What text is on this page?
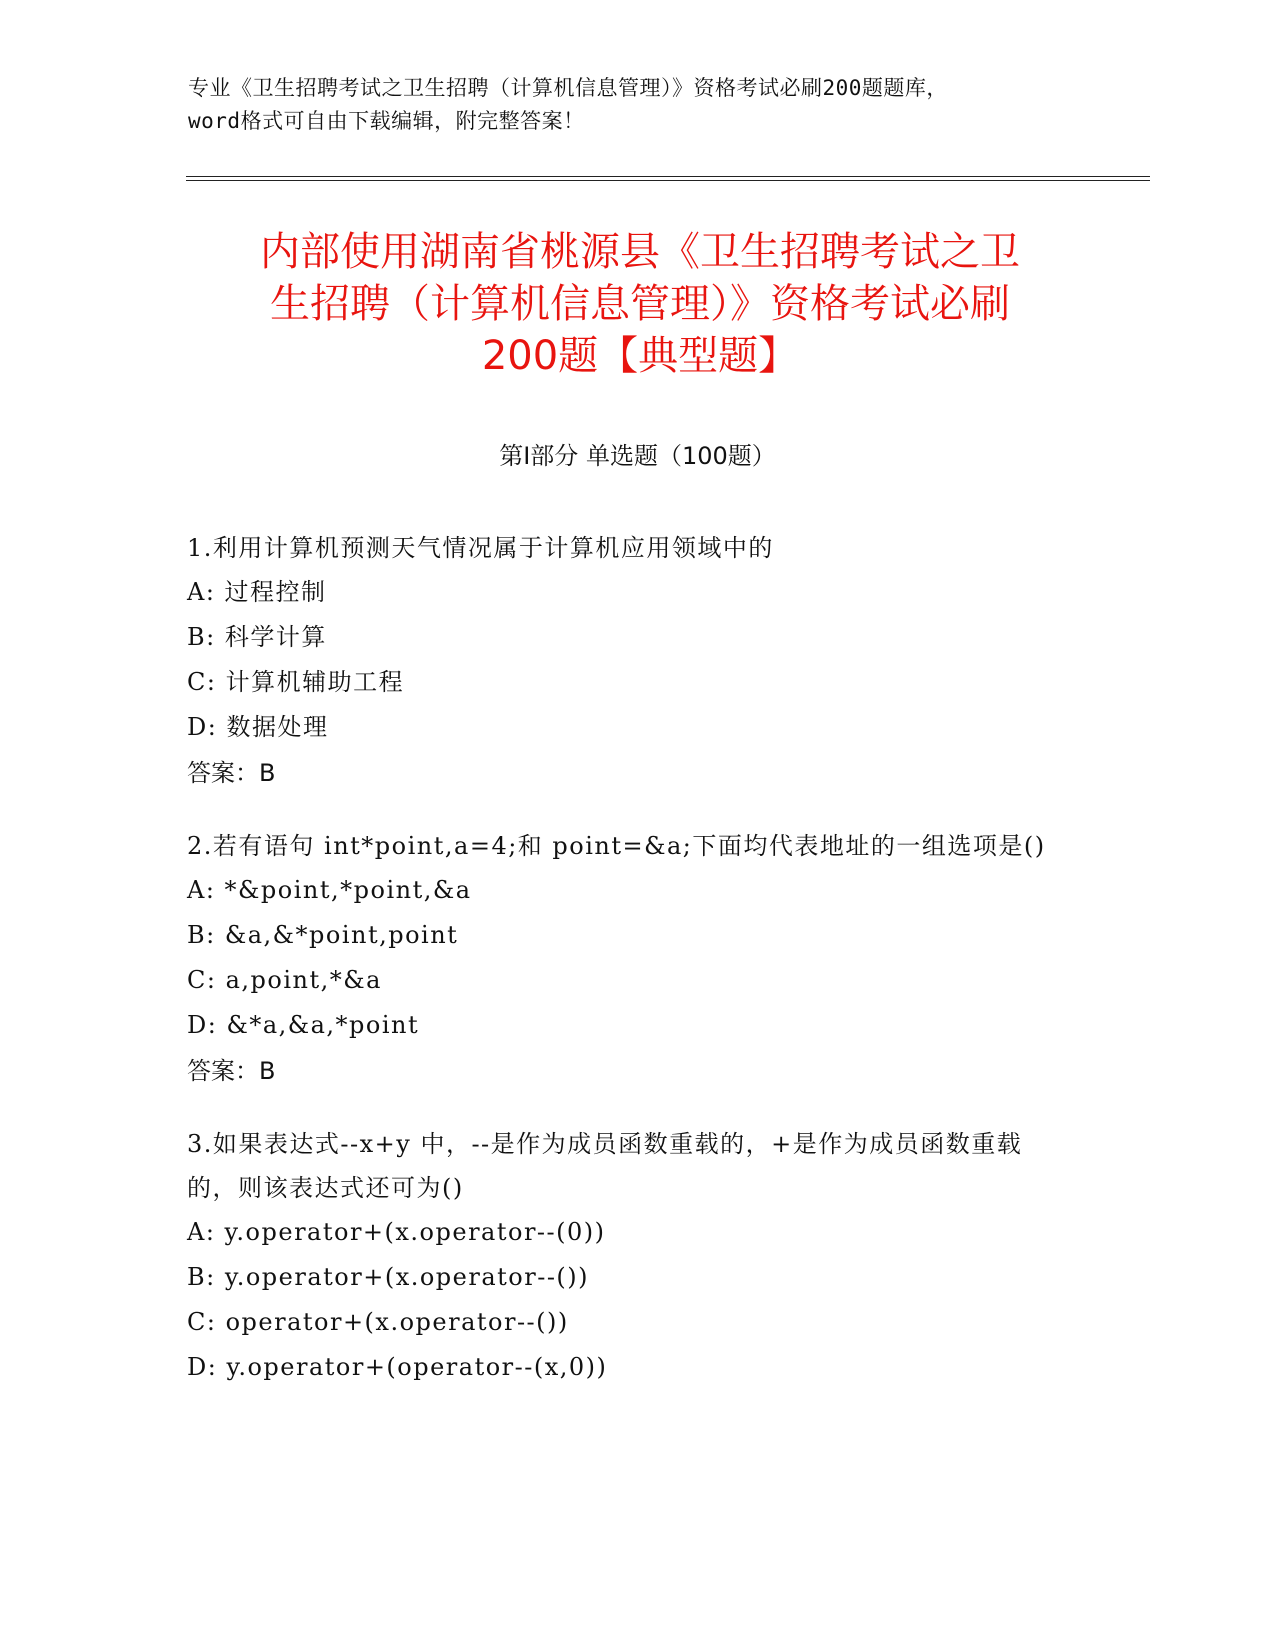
专业《卫生招聘考试之卫生招聘（计算机信息管理）》资格考试必刷200题题库，
word格式可自由下载编辑，附完整答案！
内部使用湖南省桃源县《卫生招聘考试之卫
生招聘（计算机信息管理）》资格考试必刷
200题【典型题】
第Ⅰ部分 单选题（100题）
1.利用计算机预测天气情况属于计算机应用领域中的
A: 过程控制
B: 科学计算
C: 计算机辅助工程
D: 数据处理
答案：B
2.若有语句 int*point,a=4;和 point=&a;下面均代表地址的一组选项是()
A: *&point,*point,&a
B: &a,&*point,point
C: a,point,*&a
D: &*a,&a,*point
答案：B
3.如果表达式--x+y 中，--是作为成员函数重载的，+是作为成员函数重载的，则该表达式还可为()
A: y.operator+(x.operator--(0))
B: y.operator+(x.operator--())
C: operator+(x.operator--())
D: y.operator+(operator--(x,0))
